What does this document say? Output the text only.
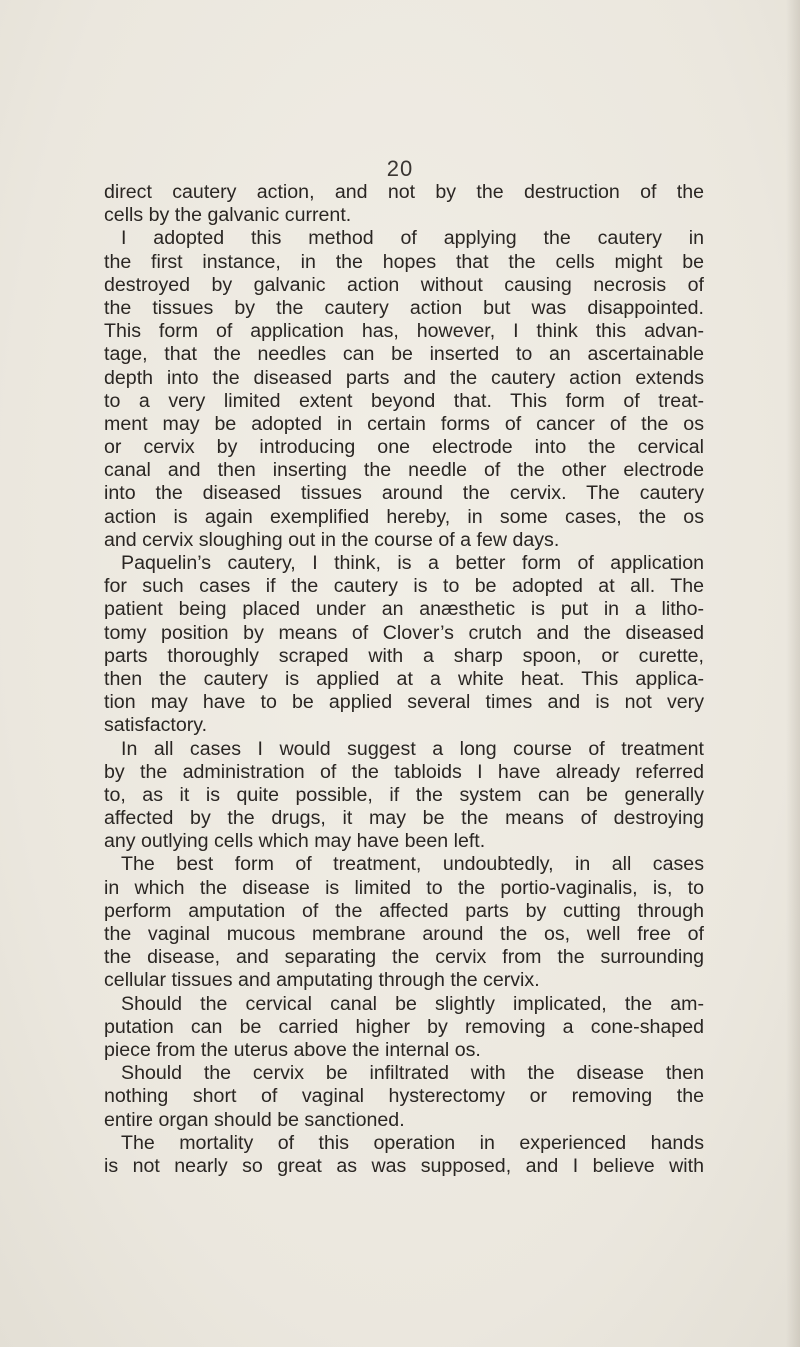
20
direct cautery action, and not by the destruction of the
cells by the galvanic current.
I adopted this method of applying the cautery in
the first instance, in the hopes that the cells might be
destroyed by galvanic action without causing necrosis of
the tissues by the cautery action but was disappointed.
This form of application has, however, I think this advan-
tage, that the needles can be inserted to an ascertainable
depth into the diseased parts and the cautery action extends
to a very limited extent beyond that. This form of treat-
ment may be adopted in certain forms of cancer of the os
or cervix by introducing one electrode into the cervical
canal and then inserting the needle of the other electrode
into the diseased tissues around the cervix. The cautery
action is again exemplified hereby, in some cases, the os
and cervix sloughing out in the course of a few days.
Paquelin’s cautery, I think, is a better form of application
for such cases if the cautery is to be adopted at all. The
patient being placed under an anæsthetic is put in a litho-
tomy position by means of Clover’s crutch and the diseased
parts thoroughly scraped with a sharp spoon, or curette,
then the cautery is applied at a white heat. This applica-
tion may have to be applied several times and is not very
satisfactory.
In all cases I would suggest a long course of treatment
by the administration of the tabloids I have already referred
to, as it is quite possible, if the system can be generally
affected by the drugs, it may be the means of destroying
any outlying cells which may have been left.
The best form of treatment, undoubtedly, in all cases
in which the disease is limited to the portio-vaginalis, is, to
perform amputation of the affected parts by cutting through
the vaginal mucous membrane around the os, well free of
the disease, and separating the cervix from the surrounding
cellular tissues and amputating through the cervix.
Should the cervical canal be slightly implicated, the am-
putation can be carried higher by removing a cone-shaped
piece from the uterus above the internal os.
Should the cervix be infiltrated with the disease then
nothing short of vaginal hysterectomy or removing the
entire organ should be sanctioned.
The mortality of this operation in experienced hands
is not nearly so great as was supposed, and I believe with
